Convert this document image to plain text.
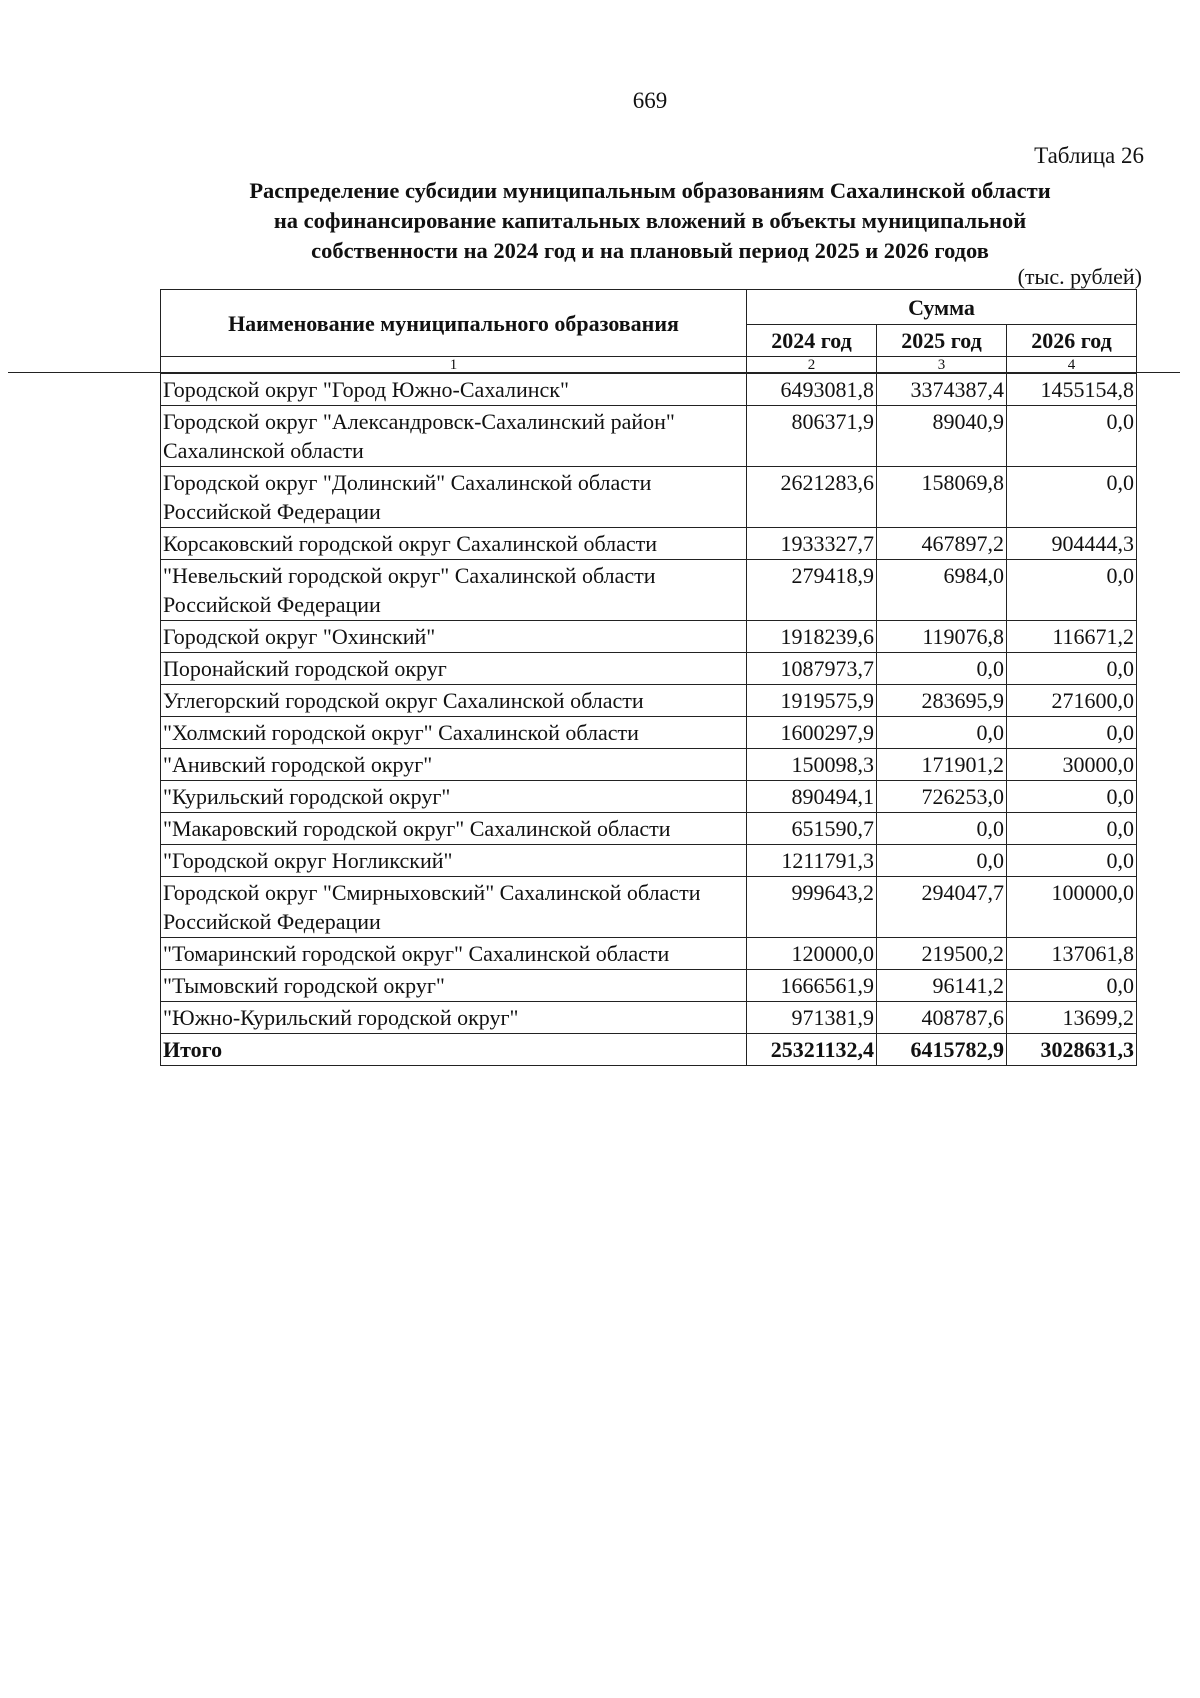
669
Таблица 26
Распределение субсидии муниципальным образованиям Сахалинской области
на софинансирование капитальных вложений в объекты муниципальной
собственности на 2024 год и на плановый период 2025 и 2026 годов
(тыс. рублей)
Наименование муниципального образования	Сумма		
	2024 год	2025 год	2026 год
1	2	3	4
Городской округ "Город Южно-Сахалинск"	6493081,8	3374387,4	1455154,8
Городской округ "Александровск-Сахалинский район" Сахалинской области	806371,9	89040,9	0,0
Городской округ "Долинский" Сахалинской области Российской Федерации	2621283,6	158069,8	0,0
Корсаковский городской округ Сахалинской области	1933327,7	467897,2	904444,3
"Невельский городской округ" Сахалинской области Российской Федерации	279418,9	6984,0	0,0
Городской округ "Охинский"	1918239,6	119076,8	116671,2
Поронайский городской округ	1087973,7	0,0	0,0
Углегорский городской округ Сахалинской области	1919575,9	283695,9	271600,0
"Холмский городской округ" Сахалинской области	1600297,9	0,0	0,0
"Анивский городской округ"	150098,3	171901,2	30000,0
"Курильский городской округ"	890494,1	726253,0	0,0
"Макаровский городской округ" Сахалинской области	651590,7	0,0	0,0
"Городской округ Ногликский"	1211791,3	0,0	0,0
Городской округ "Смирныховский" Сахалинской области Российской Федерации	999643,2	294047,7	100000,0
"Томаринский городской округ" Сахалинской области	120000,0	219500,2	137061,8
"Тымовский городской округ"	1666561,9	96141,2	0,0
"Южно-Курильский городской округ"	971381,9	408787,6	13699,2
Итого	25321132,4	6415782,9	3028631,3
